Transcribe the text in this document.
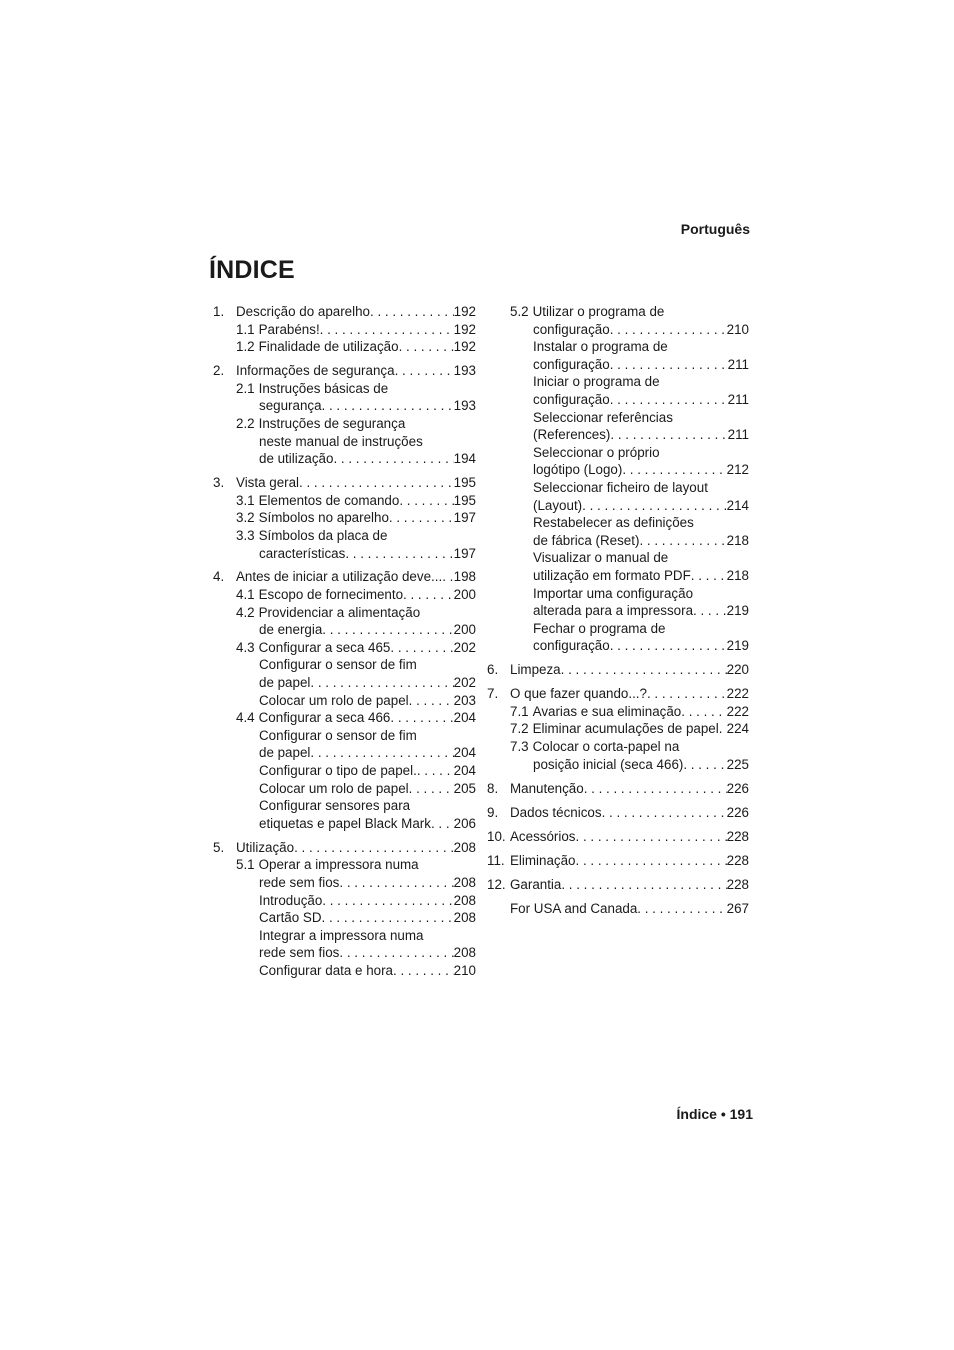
Português
ÍNDICE
1. Descrição do aparelho . . .	192
1.1 Parabéns! . . .	192
1.2 Finalidade de utilização . . .	192
2. Informações de segurança . . .	193
2.1 Instruções básicas de
segurança . . .	193
2.2 Instruções de segurança
neste manual de instruções
de utilização . . .	194
3. Vista geral . . .	195
3.1 Elementos de comando . . .	195
3.2 Símbolos no aparelho . . .	197
3.3 Símbolos da placa de
características . . .	197
4. Antes de iniciar a utilização deve... . . . 198
4.1 Escopo de fornecimento . . .	200
4.2 Providenciar a alimentação
de energia . . .	200
4.3 Configurar a seca 465 . . .	202
Configurar o sensor de fim
de papel . . .	202
Colocar um rolo de papel . . .	203
4.4 Configurar a seca 466 . . .	204
Configurar o sensor de fim
de papel . . .	204
Configurar o tipo de papel. . . .	204
Colocar um rolo de papel . . .	205
Configurar sensores para
etiquetas e papel Black Mark . . . 206
5. Utilização . . .	208
5.1 Operar a impressora numa
rede sem fios . . .	208
Introdução . . .	208
Cartão SD . . .	208
Integrar a impressora numa
rede sem fios . . .	208
Configurar data e hora . . .	210
5.2 Utilizar o programa de
configuração . . .	210
Instalar o programa de
configuração . . .	211
Iniciar o programa de
configuração . . .	211
Seleccionar referências
(References) . . .	211
Seleccionar o próprio
logótipo (Logo) . . .	212
Seleccionar ficheiro de layout
(Layout) . . .	214
Restabelecer as definições
de fábrica (Reset) . . .	218
Visualizar o manual de
utilização em formato PDF . . .	218
Importar uma configuração
alterada para a impressora . . .	219
Fechar o programa de
configuração . . .	219
6. Limpeza . . .	220
7. O que fazer quando...? . . .	222
7.1 Avarias e sua eliminação . . .	222
7.2 Eliminar acumulações de papel . . . 224
7.3 Colocar o corta-papel na
posição inicial (seca 466) . . .	225
8. Manutenção . . .	226
9. Dados técnicos . . .	226
10. Acessórios . . .	228
11. Eliminação . . .	228
12. Garantia . . .	228
For USA and Canada . . .	267
Índice • 191
